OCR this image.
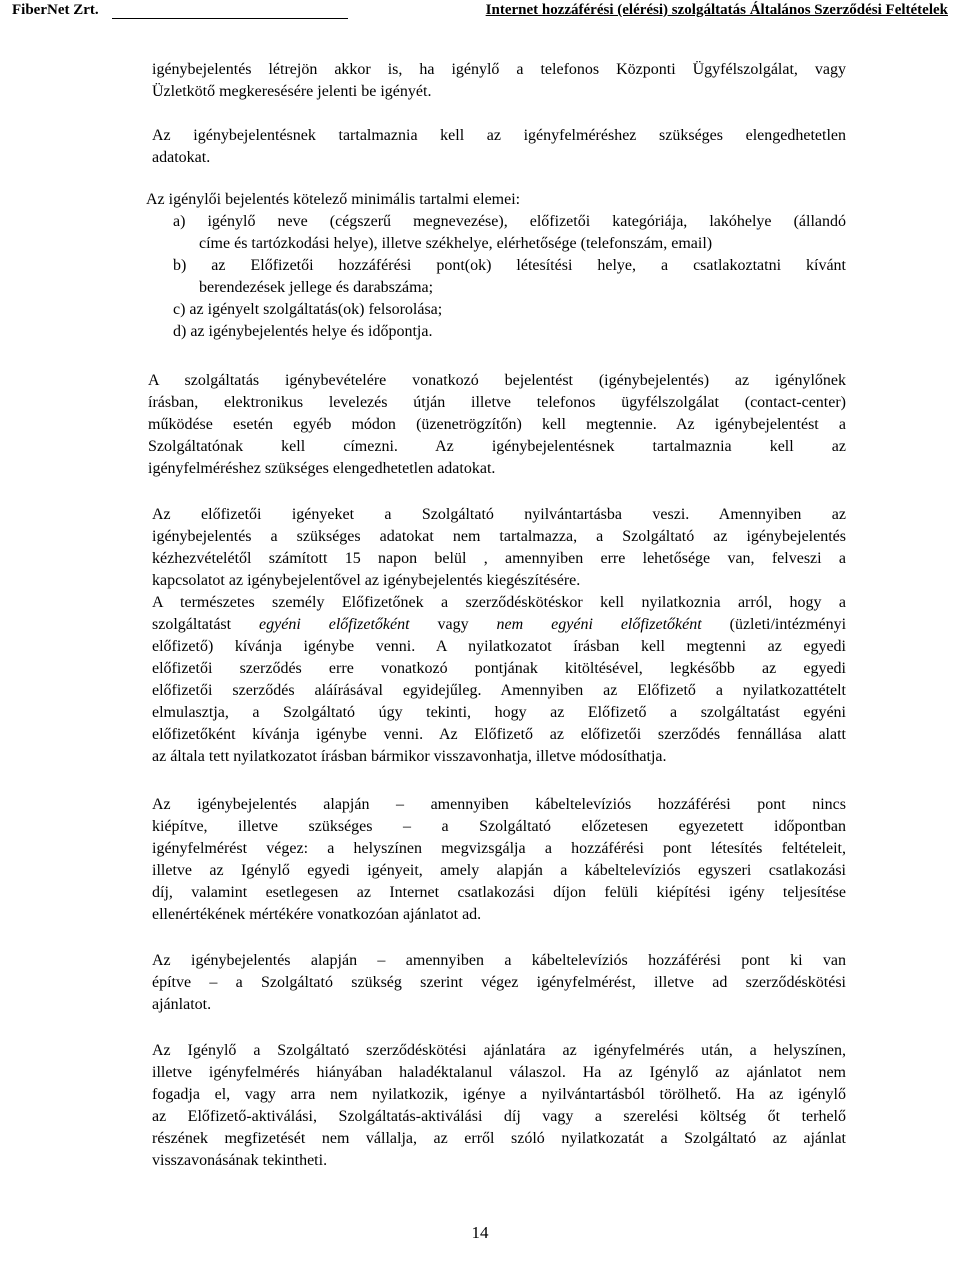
FiberNet Zrt.	Internet hozzáférési (elérési) szolgáltatás Általános Szerződési Feltételek
igénybejelentés létrejön akkor is, ha igénylő a telefonos Központi Ügyfélszolgálat, vagy
Üzletkötő megkeresésére jelenti be igényét.
Az igénybejelentésnek tartalmaznia kell az igényfelméréshez szükséges elengedhetetlen
adatokat.
Az igénylői bejelentés kötelező minimális tartalmi elemei:
a) igénylő neve (cégszerű megnevezése), előfizetői kategóriája, lakóhelye (állandó
címe és tartózkodási helye), illetve székhelye, elérhetősége (telefonszám, email)
b) az Előfizetői hozzáférési pont(ok) létesítési helye, a csatlakoztatni kívánt
berendezések jellege és darabszáma;
c) az igényelt szolgáltatás(ok) felsorolása;
d) az igénybejelentés helye és időpontja.
A szolgáltatás igénybevételére vonatkozó bejelentést (igénybejelentés) az igénylőnek
írásban, elektronikus levelezés útján illetve telefonos ügyfélszolgálat (contact-center)
működése esetén egyéb módon (üzenetrögzítőn) kell megtennie. Az igénybejelentést a
Szolgáltatónak kell címezni. Az igénybejelentésnek tartalmaznia kell az
igényfelméréshez szükséges elengedhetetlen adatokat.
Az előfizetői igényeket a Szolgáltató nyilvántartásba veszi. Amennyiben az
igénybejelentés a szükséges adatokat nem tartalmazza, a Szolgáltató az igénybejelentés
kézhezvételétől számított 15 napon belül , amennyiben erre lehetősége van, felveszi a
kapcsolatot az igénybejelentővel az igénybejelentés kiegészítésére.
A természetes személy Előfizetőnek a szerződéskötéskor kell nyilatkoznia arról, hogy a
szolgáltatást egyéni előfizetőként vagy nem egyéni előfizetőként (üzleti/intézményi
előfizető) kívánja igénybe venni. A nyilatkozatot írásban kell megtenni az egyedi
előfizetői szerződés erre vonatkozó pontjának kitöltésével, legkésőbb az egyedi
előfizetői szerződés aláírásával egyidejűleg. Amennyiben az Előfizető a nyilatkozattételt
elmulasztja, a Szolgáltató úgy tekinti, hogy az Előfizető a szolgáltatást egyéni
előfizetőként kívánja igénybe venni. Az Előfizető az előfizetői szerződés fennállása alatt
az általa tett nyilatkozatot írásban bármikor visszavonhatja, illetve módosíthatja.
Az igénybejelentés alapján – amennyiben kábeltelevíziós hozzáférési pont nincs
kiépítve, illetve szükséges – a Szolgáltató előzetesen egyezetett időpontban
igényfelmérést végez: a helyszínen megvizsgálja a hozzáférési pont létesítés feltételeit,
illetve az Igénylő egyedi igényeit, amely alapján a kábeltelevíziós egyszeri csatlakozási
díj, valamint esetlegesen az Internet csatlakozási díjon felüli kiépítési igény teljesítése
ellenértékének mértékére vonatkozóan ajánlatot ad.
Az igénybejelentés alapján – amennyiben a kábeltelevíziós hozzáférési pont ki van
építve – a Szolgáltató szükség szerint végez igényfelmérést, illetve ad szerződéskötési
ajánlatot.
Az Igénylő a Szolgáltató szerződéskötési ajánlatára az igényfelmérés után, a helyszínen,
illetve igényfelmérés hiányában haladéktalanul válaszol. Ha az Igénylő az ajánlatot nem
fogadja el, vagy arra nem nyilatkozik, igénye a nyilvántartásból törölhető. Ha az igénylő
az Előfizető-aktiválási, Szolgáltatás-aktiválási díj vagy a szerelési költség őt terhelő
részének megfizetését nem vállalja, az erről szóló nyilatkozatát a Szolgáltató az ajánlat
visszavonásának tekintheti.
14
